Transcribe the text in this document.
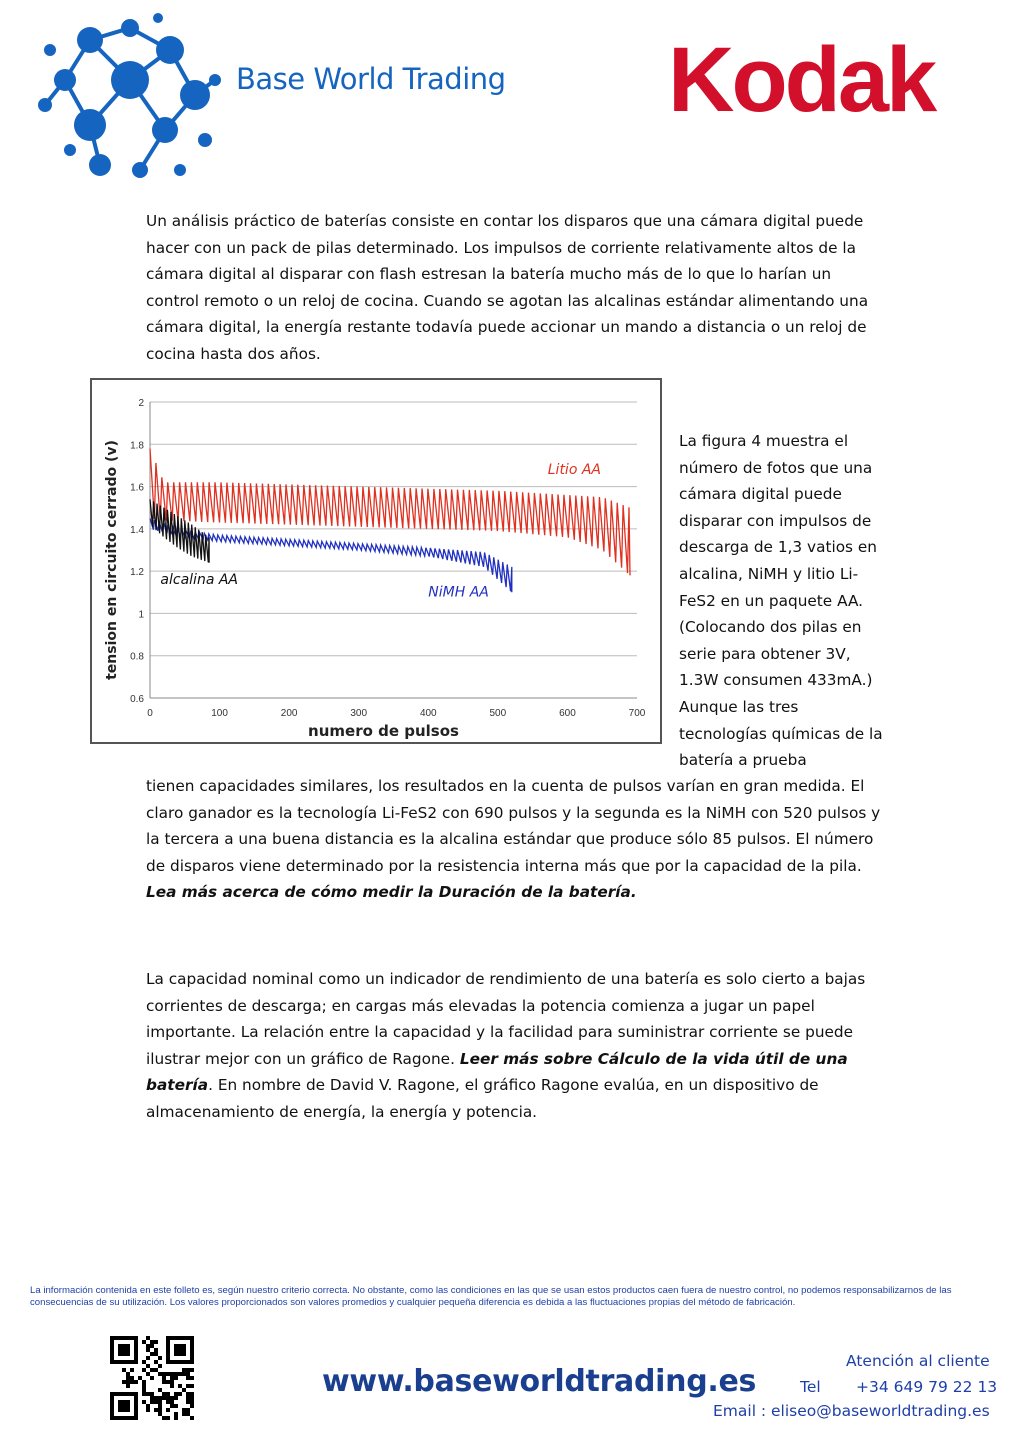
Base World Trading Kodak
Un análisis práctico de baterías consiste en contar los disparos que una cámara digital puede hacer con un pack de pilas determinado. Los impulsos de corriente relativamente altos de la cámara digital al disparar con flash estresan la batería mucho más de lo que lo harían un control remoto o un reloj de cocina. Cuando se agotan las alcalinas estándar alimentando una cámara digital, la energía restante todavía puede accionar un mando a distancia o un reloj de cocina hasta dos años.
0.6
0.8
1
1.2
1.4
1.6
1.8
2
0	100	200	300	400	500	600	700
numero de pulsos
tension en circuito cerrado (v)	Litio AA
NiMH AA
alcalina AA
La figura 4 muestra el número de fotos que una cámara digital puede disparar con impulsos de descarga de 1,3 vatios en alcalina, NiMH y litio Li-FeS2 en un paquete AA. (Colocando dos pilas en serie para obtener 3V, 1.3W consumen 433mA.) Aunque las tres tecnologías químicas de la batería a prueba
tienen capacidades similares, los resultados en la cuenta de pulsos varían en gran medida. El claro ganador es la tecnología Li-FeS2 con 690 pulsos y la segunda es la NiMH con 520 pulsos y la tercera a una buena distancia es la alcalina estándar que produce sólo 85 pulsos. El número de disparos viene determinado por la resistencia interna más que por la capacidad de la pila. Lea más acerca de cómo medir la Duración de la batería.
La capacidad nominal como un indicador de rendimiento de una batería es solo cierto a bajas corrientes de descarga; en cargas más elevadas la potencia comienza a jugar un papel importante. La relación entre la capacidad y la facilidad para suministrar corriente se puede ilustrar mejor con un gráfico de Ragone. Leer más sobre Cálculo de la vida útil de una batería. En nombre de David V. Ragone, el gráfico Ragone evalúa, en un dispositivo de almacenamiento de energía, la energía y potencia.
La información contenida en este folleto es, según nuestro criterio correcta. No obstante, como las condiciones en las que se usan estos productos caen fuera de nuestro control, no podemos responsabilizarnos de las consecuencias de su utilización. Los valores proporcionados son valores promedios y cualquier pequeña diferencia es debida a las fluctuaciones propias del método de fabricación.
www.baseworldtrading.es
Atención al cliente
Tel +34 649 79 22 13
Email : eliseo@baseworldtrading.es
